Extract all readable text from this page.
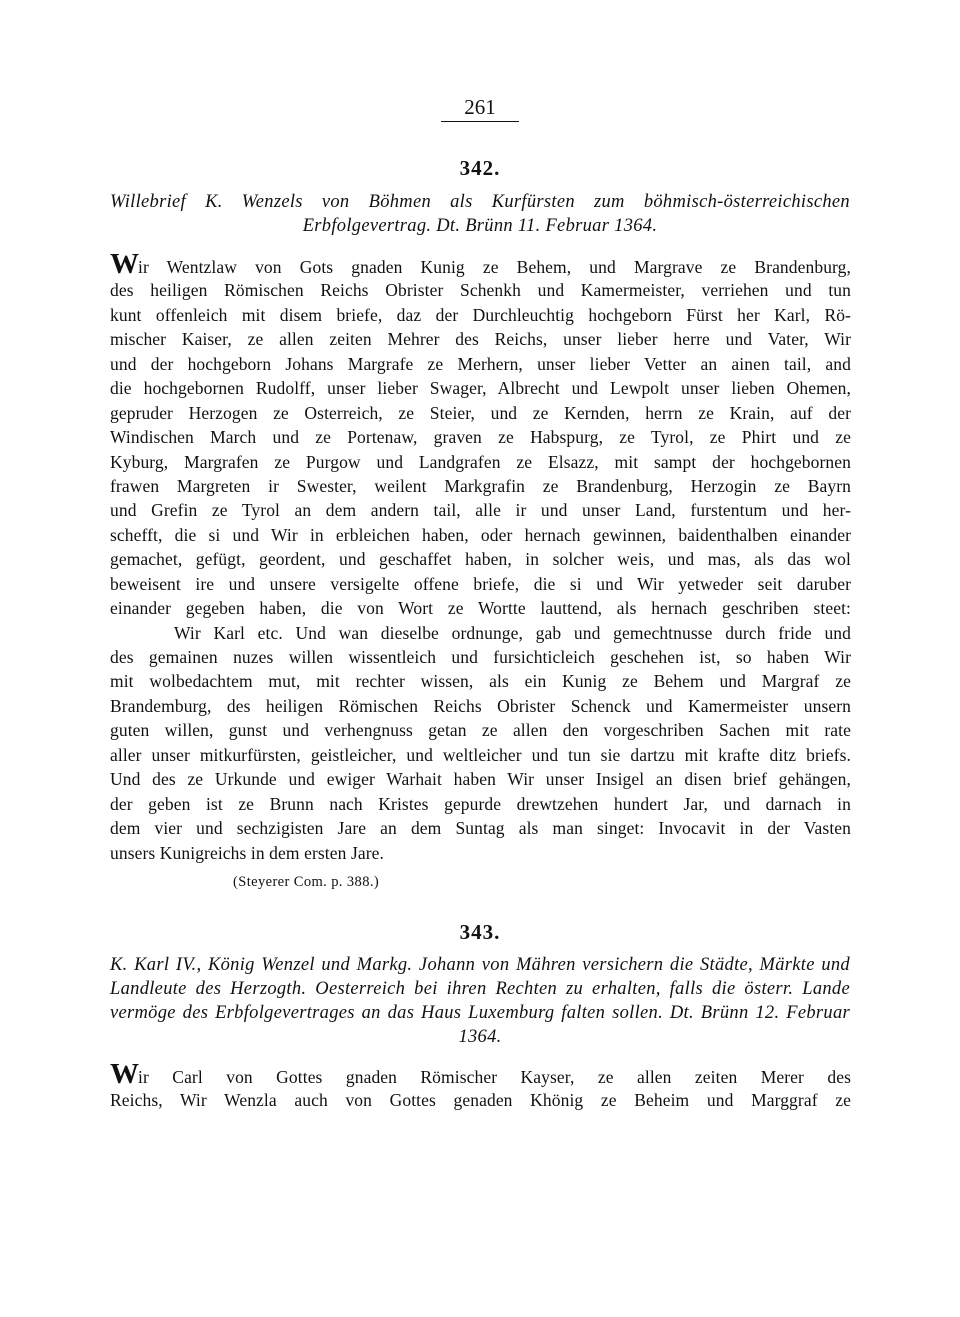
261
342.
Willebrief K. Wenzels von Böhmen als Kurfürsten zum böhmisch-österreichischen Erbfolgevertrag. Dt. Brünn 11. Februar 1364.
Wir Wentzlaw von Gots gnaden Kunig ze Behem, und Margrave ze Brandenburg,
des heiligen Römischen Reichs Obrister Schenkh und Kamermeister, verriehen und tun
kunt offenleich mit disem briefe, daz der Durchleuchtig hochgeborn Fürst her Karl, Rö-
mischer Kaiser, ze allen zeiten Mehrer des Reichs, unser lieber herre und Vater, Wir
und der hochgeborn Johans Margrafe ze Merhern, unser lieber Vetter an ainen tail, and
die hochgebornen Rudolff, unser lieber Swager, Albrecht und Lewpolt unser lieben Ohemen,
gepruder Herzogen ze Osterreich, ze Steier, und ze Kernden, herrn ze Krain, auf der
Windischen March und ze Portenaw, graven ze Habspurg, ze Tyrol, ze Phirt und ze
Kyburg, Margrafen ze Purgow und Landgrafen ze Elsazz, mit sampt der hochgebornen
frawen Margreten ir Swester, weilent Markgrafin ze Brandenburg, Herzogin ze Bayrn
und Grefin ze Tyrol an dem andern tail, alle ir und unser Land, furstentum und her-
schefft, die si und Wir in erbleichen haben, oder hernach gewinnen, baidenthalben einander
gemachet, gefügt, geordent, und geschaffet haben, in solcher weis, und mas, als das wol
beweisent ire und unsere versigelte offene briefe, die si und Wir yetweder seit daruber
einander gegeben haben, die von Wort ze Wortte lauttend, als hernach geschriben steet:
Wir Karl etc. Und wan dieselbe ordnunge, gab und gemechtnusse durch fride und
des gemainen nuzes willen wissentleich und fursichticleich geschehen ist, so haben Wir
mit wolbedachtem mut, mit rechter wissen, als ein Kunig ze Behem und Margraf ze
Brandemburg, des heiligen Römischen Reichs Obrister Schenck und Kamermeister unsern
guten willen, gunst und verhengnuss getan ze allen den vorgeschriben Sachen mit rate
aller unser mitkurfürsten, geistleicher, und weltleicher und tun sie dartzu mit krafte ditz briefs.
Und des ze Urkunde und ewiger Warhait haben Wir unser Insigel an disen brief gehängen,
der geben ist ze Brunn nach Kristes gepurde drewtzehen hundert Jar, und darnach in
dem vier und sechzigisten Jare an dem Suntag als man singet: Invocavit in der Vasten
unsers Kunigreichs in dem ersten Jare.
(Steyerer Com. p. 388.)
343.
K. Karl IV., König Wenzel und Markg. Johann von Mähren versichern die Städte, Märkte und Landleute des Herzogth. Oesterreich bei ihren Rechten zu erhalten, falls die österr. Lande vermöge des Erbfolgevertrages an das Haus Luxemburg falten sollen. Dt. Brünn 12. Februar 1364.
Wir Carl von Gottes gnaden Römischer Kayser, ze allen zeiten Merer des
Reichs, Wir Wenzla auch von Gottes genaden Khönig ze Beheim und Marggraf ze
